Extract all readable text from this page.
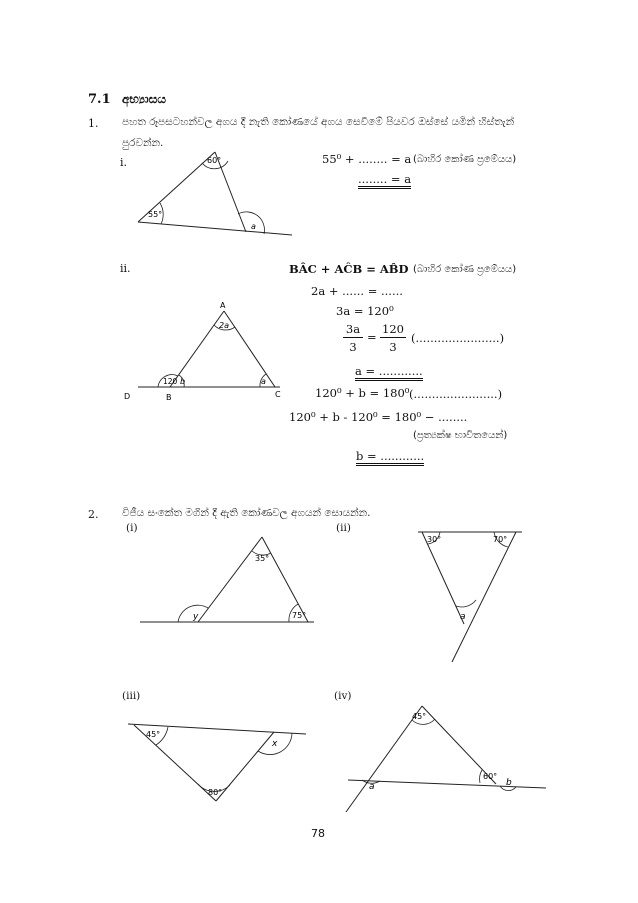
7.1 අභ්‍යාසය
1. පහත රූපසටහන්වල අගය දී නැති කෝණයේ අගය සෙවීමේ පියවර ඔස්සේ යමින් හිස්තැන්
පුරවන්න.
i.	60°
55°
a
55⁰ + ........ = a (බාහිර කෝණ ප්‍රමේයය)
........ = a
ii.
A
D	B	C
2a
120 b	a
BÂC + AĈB = AB̂D (බාහිර කෝණ ප්‍රමේයය)
2a + ...... = ......
3a = 120⁰
3a
3
=
120
3
(.......................)
a = ............
120⁰ + b = 180⁰ (.......................)
120⁰ + b - 120⁰ = 180⁰ − ........
(ප්‍රත්‍යක්ෂ භාවිතයෙන්)
b = ............
2. විජීය සංකේත මගින් දී ඇති කෝණවල අගයන් සොයන්න.
(i)
35°
y	75°
(ii)
30°	70°
a
(iii)
45°
x
80°
(iv)
45°
a
60°
b
78
